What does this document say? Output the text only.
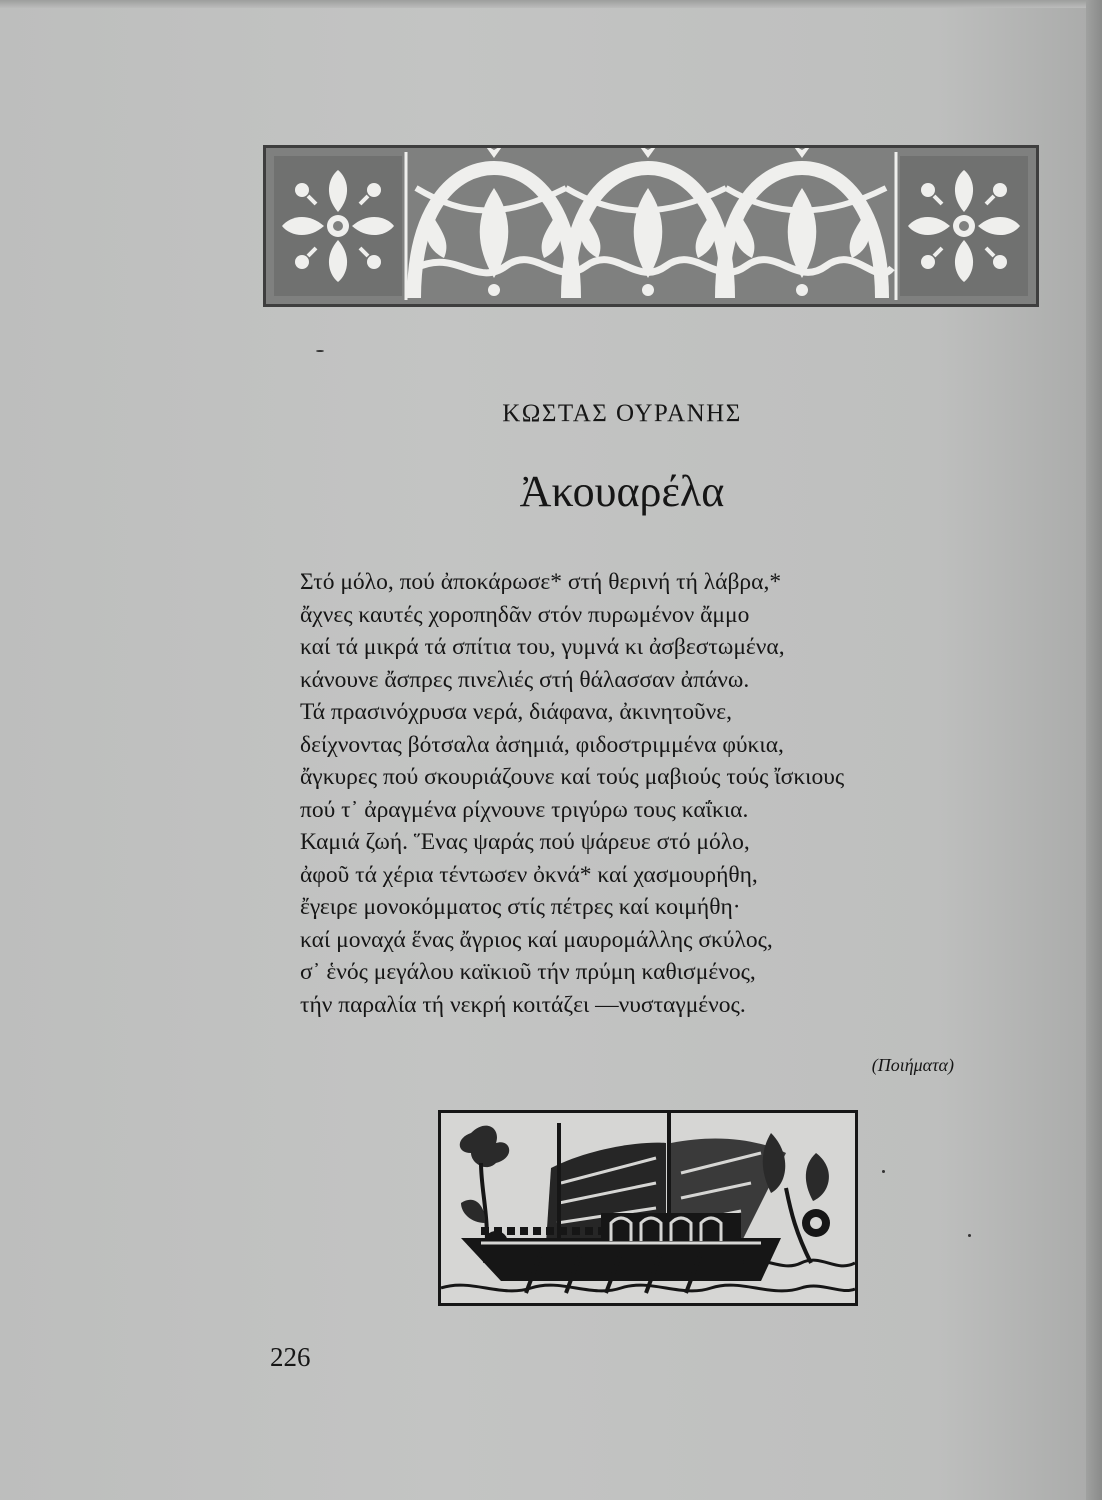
ΚΩΣΤΑΣ ΟΥΡΑΝΗΣ
Ἀκουαρέλα
Στό μόλο, πού ἀποκάρωσε* στή θερινή τή λάβρα,*
ἄχνες καυτές χοροπηδᾶν στόν πυρωμένον ἄμμο
καί τά μικρά τά σπίτια του, γυμνά κι ἀσβεστωμένα,
κάνουνε ἄσπρες πινελιές στή θάλασσαν ἀπάνω.
Τά πρασινόχρυσα νερά, διάφανα, ἀκινητοῦνε,
δείχνοντας βότσαλα ἀσημιά, φιδοστριμμένα φύκια,
ἄγκυρες πού σκουριάζουνε καί τούς μαβιούς τούς ἴσκιους
πού τ᾽ ἀραγμένα ρίχνουνε τριγύρω τους καΐκια.
Καμιά ζωή. Ἕνας ψαράς πού ψάρευε στό μόλο,
ἀφοῦ τά χέρια τέντωσεν ὀκνά* καί χασμουρήθη,
ἔγειρε μονοκόμματος στίς πέτρες καί κοιμήθη·
καί μοναχά ἕνας ἄγριος καί μαυρομάλλης σκύλος,
σ᾽ ἑνός μεγάλου καϊκιοῦ τήν πρύμη καθισμένος,
τήν παραλία τή νεκρή κοιτάζει —νυσταγμένος.
(Ποιήματα)
226
